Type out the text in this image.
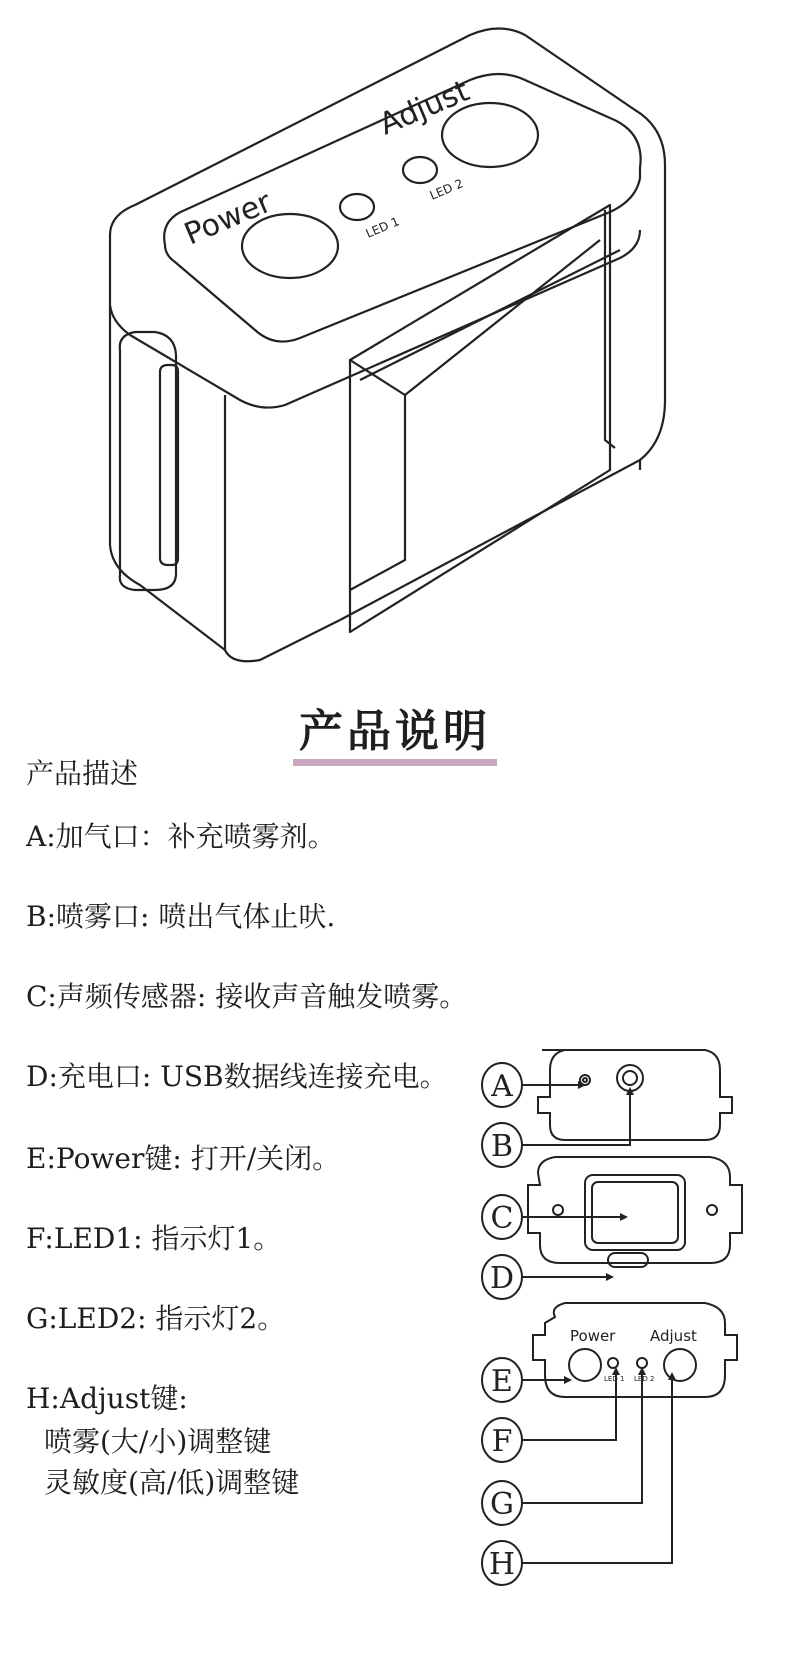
Power
Adjust
LED 1
LED 2
产品说明
产品描述
A:加气口：补充喷雾剂。
B:喷雾口: 喷出气体止吠.
C:声频传感器: 接收声音触发喷雾。
D:充电口: USB数据线连接充电。
E:Power键: 打开/关闭。
F:LED1: 指示灯1。
G:LED2: 指示灯2。
H:Adjust键:
喷雾(大/小)调整键
灵敏度(高/低)调整键
A
B
C
D
E
F
G
H
Power Adjust
LED 1 LED 2
